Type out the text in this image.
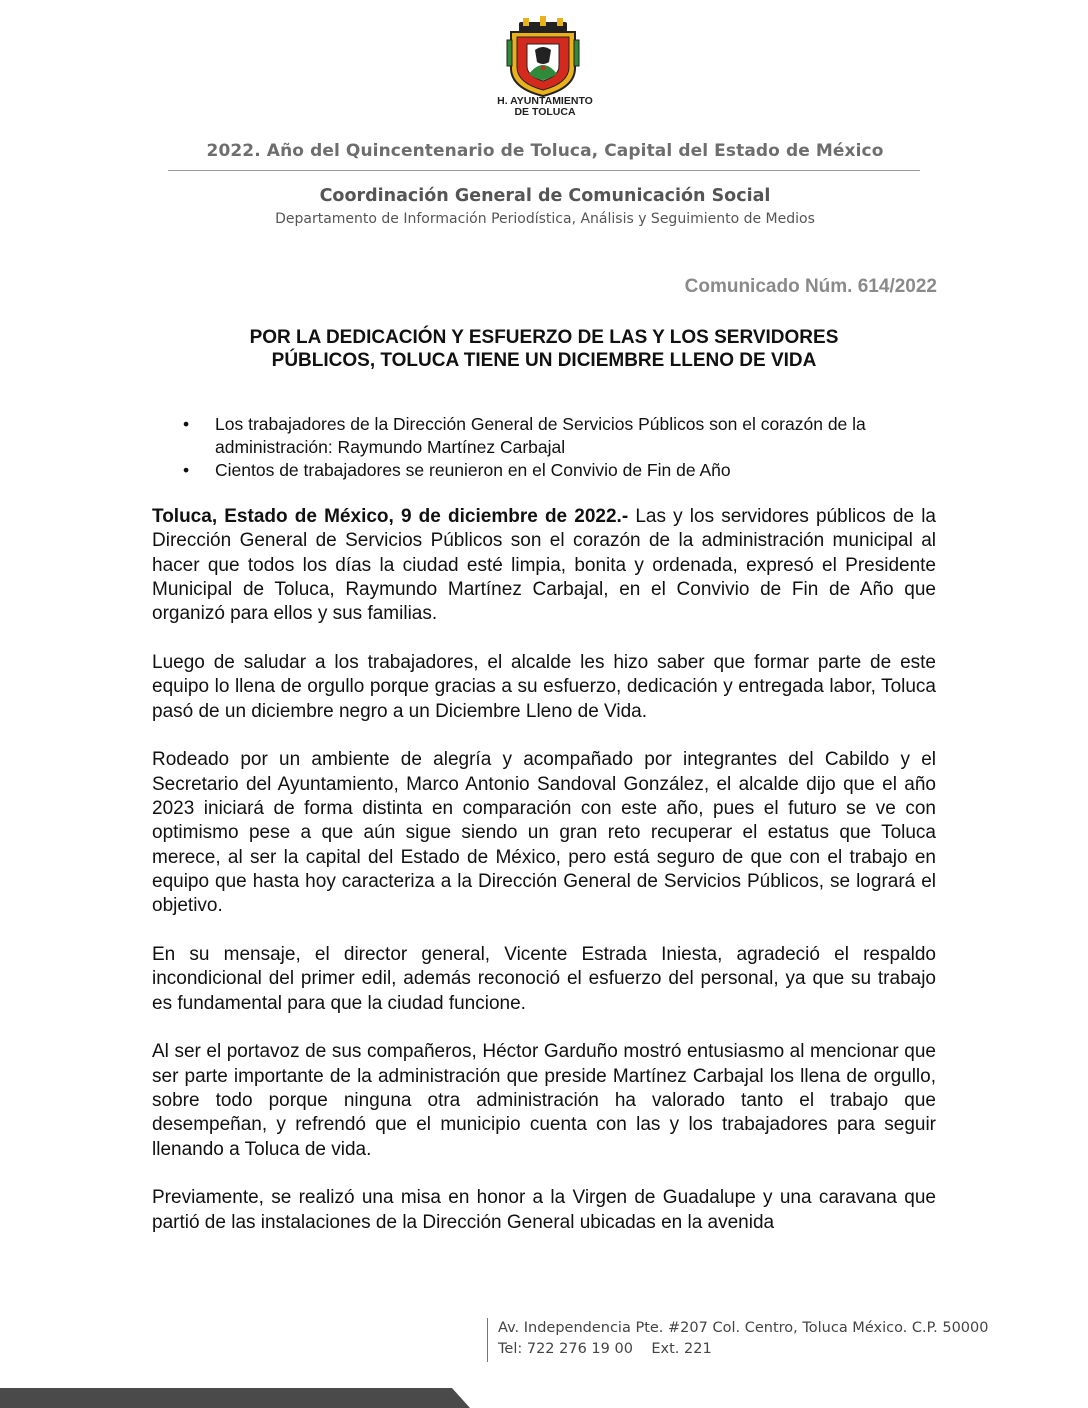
H. AYUNTAMIENTO
DE TOLUCA
2022. Año del Quincentenario de Toluca, Capital del Estado de México
Coordinación General de Comunicación Social
Departamento de Información Periodística, Análisis y Seguimiento de Medios
Comunicado Núm. 614/2022
POR LA DEDICACIÓN Y ESFUERZO DE LAS Y LOS SERVIDORES
PÚBLICOS, TOLUCA TIENE UN DICIEMBRE LLENO DE VIDA
• Los trabajadores de la Dirección General de Servicios Públicos son el corazón de la administración: Raymundo Martínez Carbajal
• Cientos de trabajadores se reunieron en el Convivio de Fin de Año

Toluca, Estado de México, 9 de diciembre de 2022.- Las y los servidores públicos de la Dirección General de Servicios Públicos son el corazón de la administración municipal al hacer que todos los días la ciudad esté limpia, bonita y ordenada, expresó el Presidente Municipal de Toluca, Raymundo Martínez Carbajal, en el Convivio de Fin de Año que organizó para ellos y sus familias.

Luego de saludar a los trabajadores, el alcalde les hizo saber que formar parte de este equipo lo llena de orgullo porque gracias a su esfuerzo, dedicación y entregada labor, Toluca pasó de un diciembre negro a un Diciembre Lleno de Vida.

Rodeado por un ambiente de alegría y acompañado por integrantes del Cabildo y el Secretario del Ayuntamiento, Marco Antonio Sandoval González, el alcalde dijo que el año 2023 iniciará de forma distinta en comparación con este año, pues el futuro se ve con optimismo pese a que aún sigue siendo un gran reto recuperar el estatus que Toluca merece, al ser la capital del Estado de México, pero está seguro de que con el trabajo en equipo que hasta hoy caracteriza a la Dirección General de Servicios Públicos, se logrará el objetivo.

En su mensaje, el director general, Vicente Estrada Iniesta, agradeció el respaldo incondicional del primer edil, además reconoció el esfuerzo del personal, ya que su trabajo es fundamental para que la ciudad funcione.

Al ser el portavoz de sus compañeros, Héctor Garduño mostró entusiasmo al mencionar que ser parte importante de la administración que preside Martínez Carbajal los llena de orgullo, sobre todo porque ninguna otra administración ha valorado tanto el trabajo que desempeñan, y refrendó que el municipio cuenta con las y los trabajadores para seguir llenando a Toluca de vida.

Previamente, se realizó una misa en honor a la Virgen de Guadalupe y una caravana que partió de las instalaciones de la Dirección General ubicadas en la avenida

Av. Independencia Pte. #207 Col. Centro, Toluca México. C.P. 50000
Tel: 722 276 19 00    Ext. 221
